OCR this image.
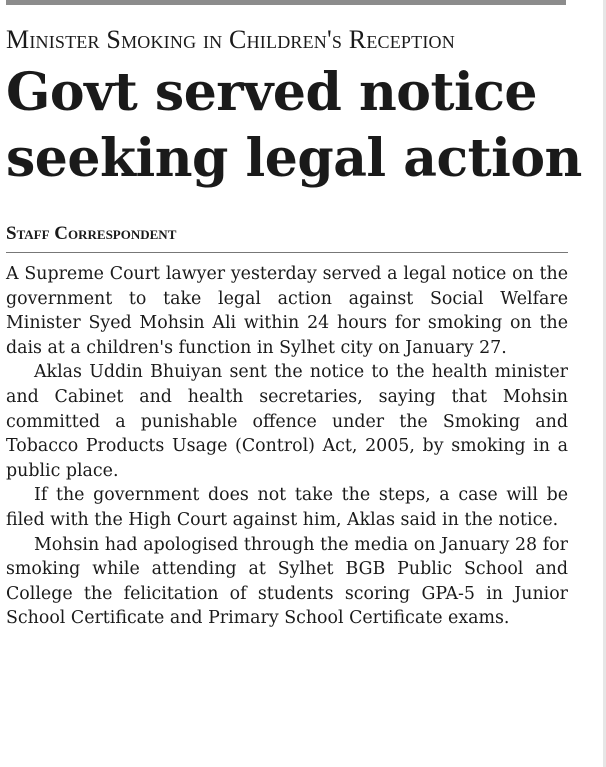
Minister Smoking in Children's Reception
Govt served notice seeking legal action
Staff Correspondent

A Supreme Court lawyer yesterday served a legal notice on the government to take legal action against Social Welfare Minister Syed Mohsin Ali within 24 hours for smoking on the dais at a children's function in Sylhet city on January 27.

Aklas Uddin Bhuiyan sent the notice to the health minister and Cabinet and health secretaries, saying that Mohsin committed a punishable offence under the Smoking and Tobacco Products Usage (Control) Act, 2005, by smoking in a public place.

If the government does not take the steps, a case will be filed with the High Court against him, Aklas said in the notice.

Mohsin had apologised through the media on January 28 for smoking while attending at Sylhet BGB Public School and College the felicitation of students scoring GPA-5 in Junior School Certificate and Primary School Certificate exams.
